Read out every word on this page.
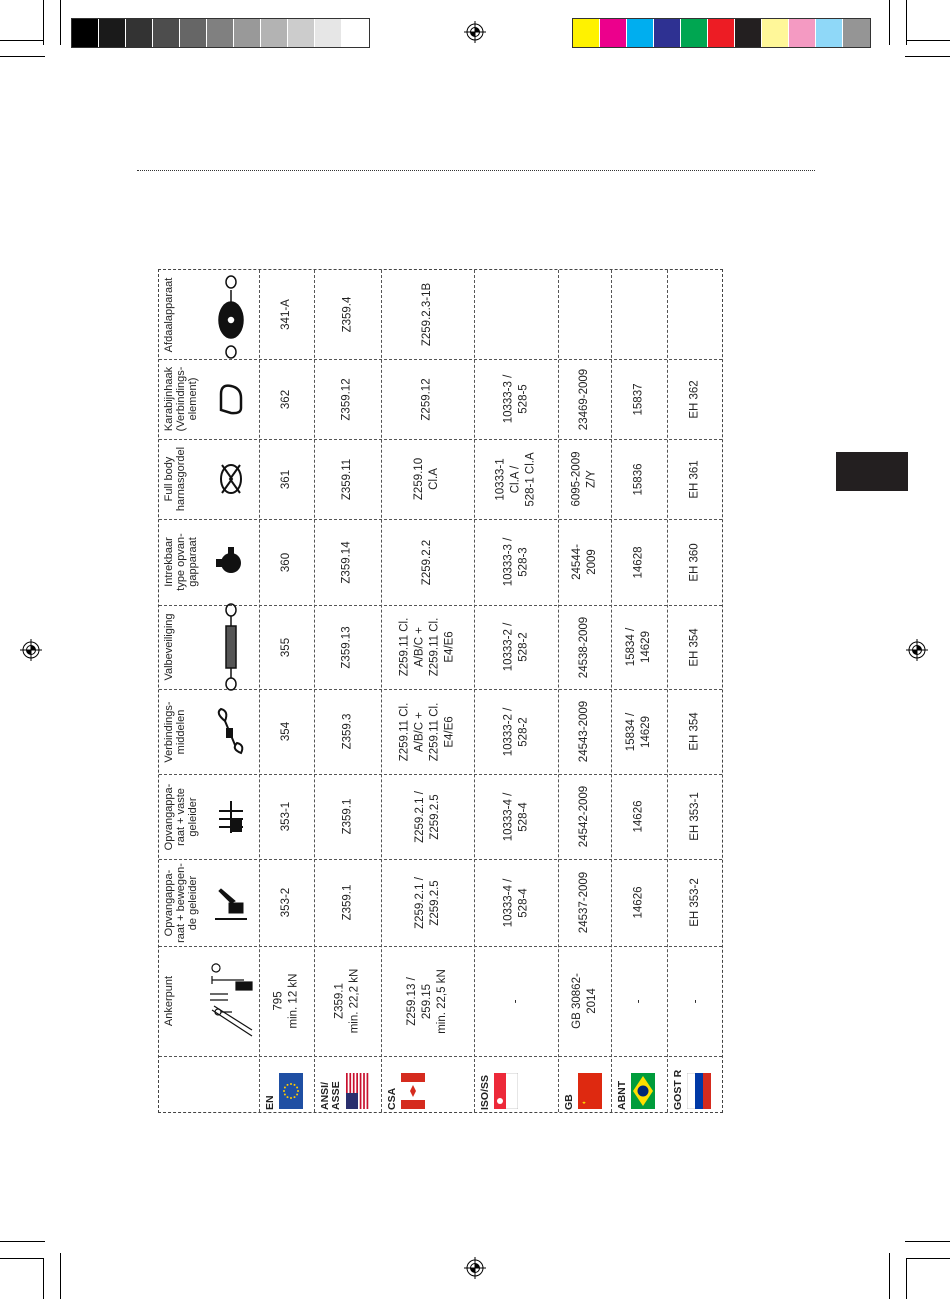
Ankerpunt
Opvangappa- raat + bewegen- de geleider
Opvangappa- raat + vaste geleider
Verbindings- middelen
Valbeveiliging
Intrekbaar type opvan- gapparaat
Full body harnasgordel
Karabijnhaak (Verbindings- element)
Afdaalapparaat
795 min. 12 kN
353-2
353-1
354
355
360
361
362
341-A
EN
Z359.1 min. 22,2 kN
Z359.1
Z359.1
Z359.3
Z359.13
Z359.14
Z359.11
Z359.12
Z359.4
ANSI/ ASSE
Z259.13 / 259.15 min. 22,5 kN
Z259.2.1 / Z259.2.5
Z259.2.1 / Z259.2.5
Z259.11 Cl. A/B/C + Z259.11 Cl. E4/E6
Z259.11 Cl. A/B/C + Z259.11 Cl. E4/E6
Z259.2.2
Z259.10 Cl.A
Z259.12
Z259.2.3-1B
CSA
-
10333-4 / 528-4
10333-4 / 528-4
10333-2 / 528-2
10333-2 / 528-2
10333-3 / 528-3
10333-1 Cl.A / 528-1 Cl.A
10333-3 / 528-5
ISO/SS
GB 30862- 2014
24537-2009
24542-2009
24543-2009
24538-2009
24544- 2009
6095-2009 Z/Y
23469-2009
GB
-
14626
14626
15834 / 14629
15834 / 14629
14628
15836
15837
ABNT
-
EH 353-2
EH 353-1
EH 354
EH 354
EH 360
EH 361
EH 362
GOST R
